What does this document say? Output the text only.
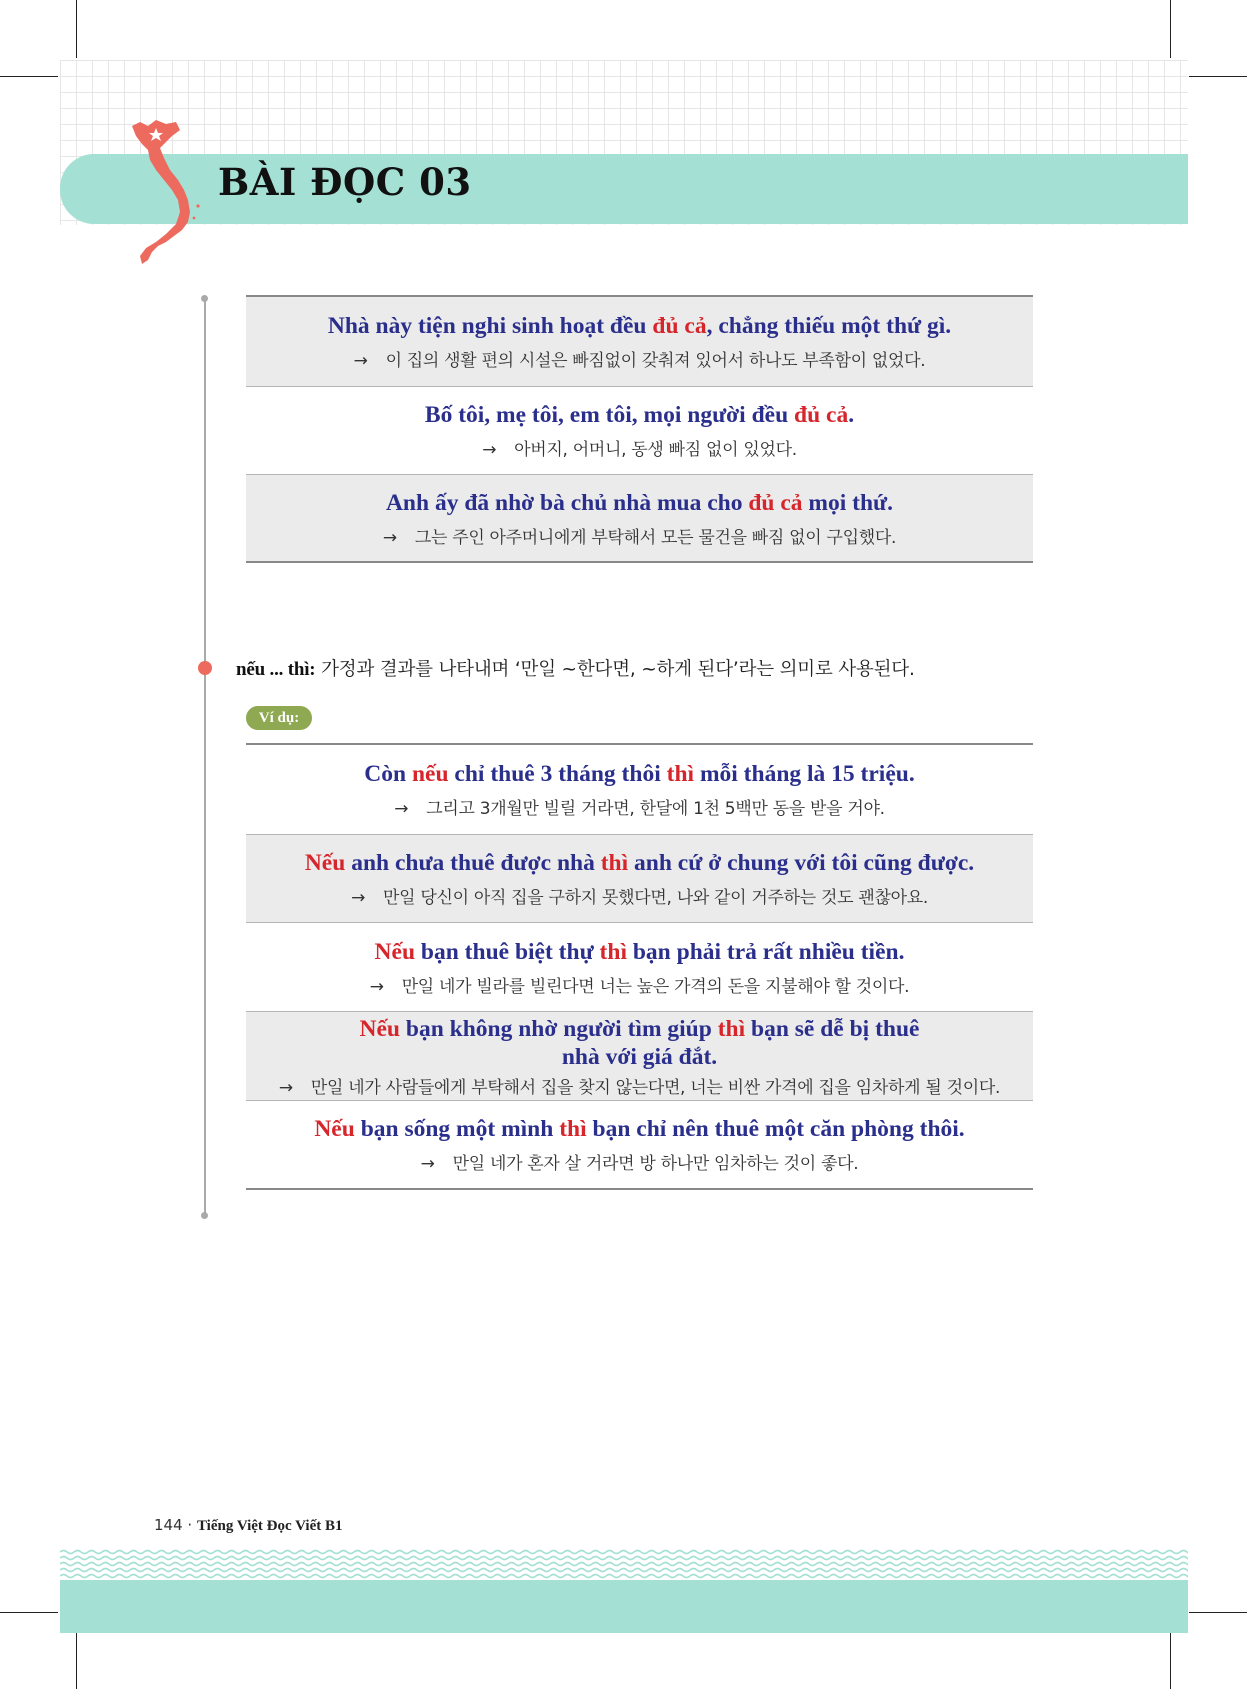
BÀI ĐỌC 03
Nhà này tiện nghi sinh hoạt đều đủ cả, chẳng thiếu một thứ gì.
→ 이 집의 생활 편의 시설은 빠짐없이 갖춰져 있어서 하나도 부족함이 없었다.
Bố tôi, mẹ tôi, em tôi, mọi người đều đủ cả.
→ 아버지, 어머니, 동생 빠짐 없이 있었다.
Anh ấy đã nhờ bà chủ nhà mua cho đủ cả mọi thứ.
→ 그는 주인 아주머니에게 부탁해서 모든 물건을 빠짐 없이 구입했다.
nếu ... thì: 가정과 결과를 나타내며 ‘만일 ~한다면, ~하게 된다’라는 의미로 사용된다.
Ví dụ:
Còn nếu chỉ thuê 3 tháng thôi thì mỗi tháng là 15 triệu.
→ 그리고 3개월만 빌릴 거라면, 한달에 1천 5백만 동을 받을 거야.
Nếu anh chưa thuê được nhà thì anh cứ ở chung với tôi cũng được.
→ 만일 당신이 아직 집을 구하지 못했다면, 나와 같이 거주하는 것도 괜찮아요.
Nếu bạn thuê biệt thự thì bạn phải trả rất nhiều tiền.
→ 만일 네가 빌라를 빌린다면 너는 높은 가격의 돈을 지불해야 할 것이다.
Nếu bạn không nhờ người tìm giúp thì bạn sẽ dễ bị thuê
nhà với giá đắt.
→ 만일 네가 사람들에게 부탁해서 집을 찾지 않는다면, 너는 비싼 가격에 집을 임차하게 될 것이다.
Nếu bạn sống một mình thì bạn chỉ nên thuê một căn phòng thôi.
→ 만일 네가 혼자 살 거라면 방 하나만 임차하는 것이 좋다.
144 · Tiếng Việt Đọc Viết B1
